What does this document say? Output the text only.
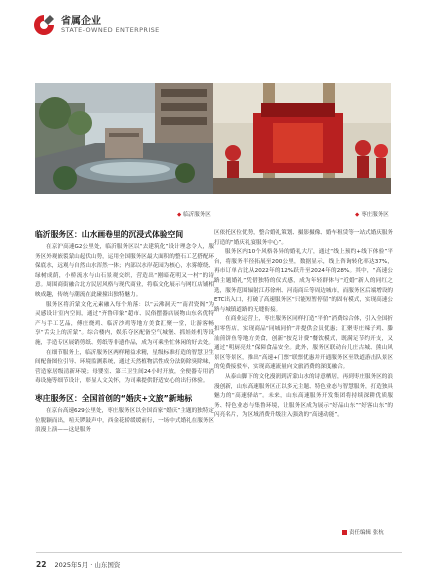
省属企业
STATE-OWNED ENTERPRISE
◆ 临沂服务区	◆ 枣庄服务区
临沂服务区：山水画卷里的沉浸式体验空间

在京沪高速G2公里处，临沂服务区以“去建筑化”设计理念令人，服务区外观嵌裂蒙山起伏山势，运用全国服务区最大面积的整石工艺搭配环保底水，远观与自然山水浑然一体；内部以水岸花园为核心，水雾缭绕、绿树成荫，小桥流水与山石景观交织，营造出“刚暗花明又一村”的诗意。周围商街融合北方民居风格与现代商业，将临文化展示与网红店铺相映成趣，传统与潮流在此碰撞出独特魅力。

服务区将沂蒙文化元素融入每个角落：以“云沸洞天”“南君瓷阁”为灵感设计室内空间，通过“齐鲁印象”超市、民俗摆器店展物山东名优特产与手工艺品，傅庄烧鸡、临沂沙鸡等地方美食汇聚一堂，让游客畅享“舌尖上的沂蒙”。综合楼内，娱乐夺区配备空气城堡、抓娃娃机等设施，手造专区展销剪纸、剪纸等非遗作品，成为可乘坐忙休闲的好去处。

在细节服务上，临沂服务区两样精益求精，星级标准打造的智慧卫生间配备图位引导、环境监测系统，通过天然植物活性成分法防除臭除味，营造家居级清新环境；母婴室、第三卫生间24小时开放，全便器专用消毒设施等细节设计，彰显人文关怀，为司乘提供舒适安心的出行体验。

枣庄服务区：全国首创的“婚庆+文旅”新地标

在京台高速629公里处，枣庄服务区以全国首家“婚庆”主题的独特定位脱颖而出，喧天锣鼓声中，西金花轿缓缓前行，一场中式婚礼在服务区浪漫上演——这是服务

区依托区位优势，整合婚礼策划、摄影摄像、婚车租赁等一站式婚庆服务打造的“婚庆礼宴服务中心”。

服务区内10个风格各异的婚礼大厅，通过“线上预约+线下体验”平台，将服务半径拓展至200公里，数据显示，线上咨询转化率达37%，再市订单占比从2022年的12%跃升至2024年的28%。其中，“高速公路主题婚礼”凭借独特的仪式感，成为年轻群体与“近婚”新人的同红之选，服务范围辐射江苏徐州、河南商丘等周边城市，而服务区后端增设的ETC出入口，打破了高速服务区“只能短暂停留”的固有模式，实现高速公路与城镇道路的无缝衔接。

在商业运营上，枣庄服务区同样打造“平价”消费综合体，引入全国折扣零售店，实现商品“同城同价”并提供会员优惠；汇聚枣庄辣子鸡、滕汕煎饼鱼等地方美食，创新“按克计费”餐饮模式，既满足节约开支，又通过“明厨亮灶”保障食品安全。此外，服务区联动台儿庄古城、熊山风景区等景区，推出“高速+门票”联票优惠并开通服务区至铁道游击队景区的免费接驳车，实现高速流量向文旅消费的深度融合。

从泰山脚下的文化漫润到沂蒙山水的诗意栖居，再到枣庄服务区的浪漫创新，山东高速服务区正以多元主题、特色业态与智慧服务，打造独具魅力的“高速驿站”。未来，山东高速服务开发集团将持续深耕优质服务、特色业态与集鲁环境，让服务区成为展示“好品山东”“好客山东”的闪亮名片，为区域消费升级注入强劲的“高速动能”。

责任编辑 张杭
22 2025年5月 · 山东国资
